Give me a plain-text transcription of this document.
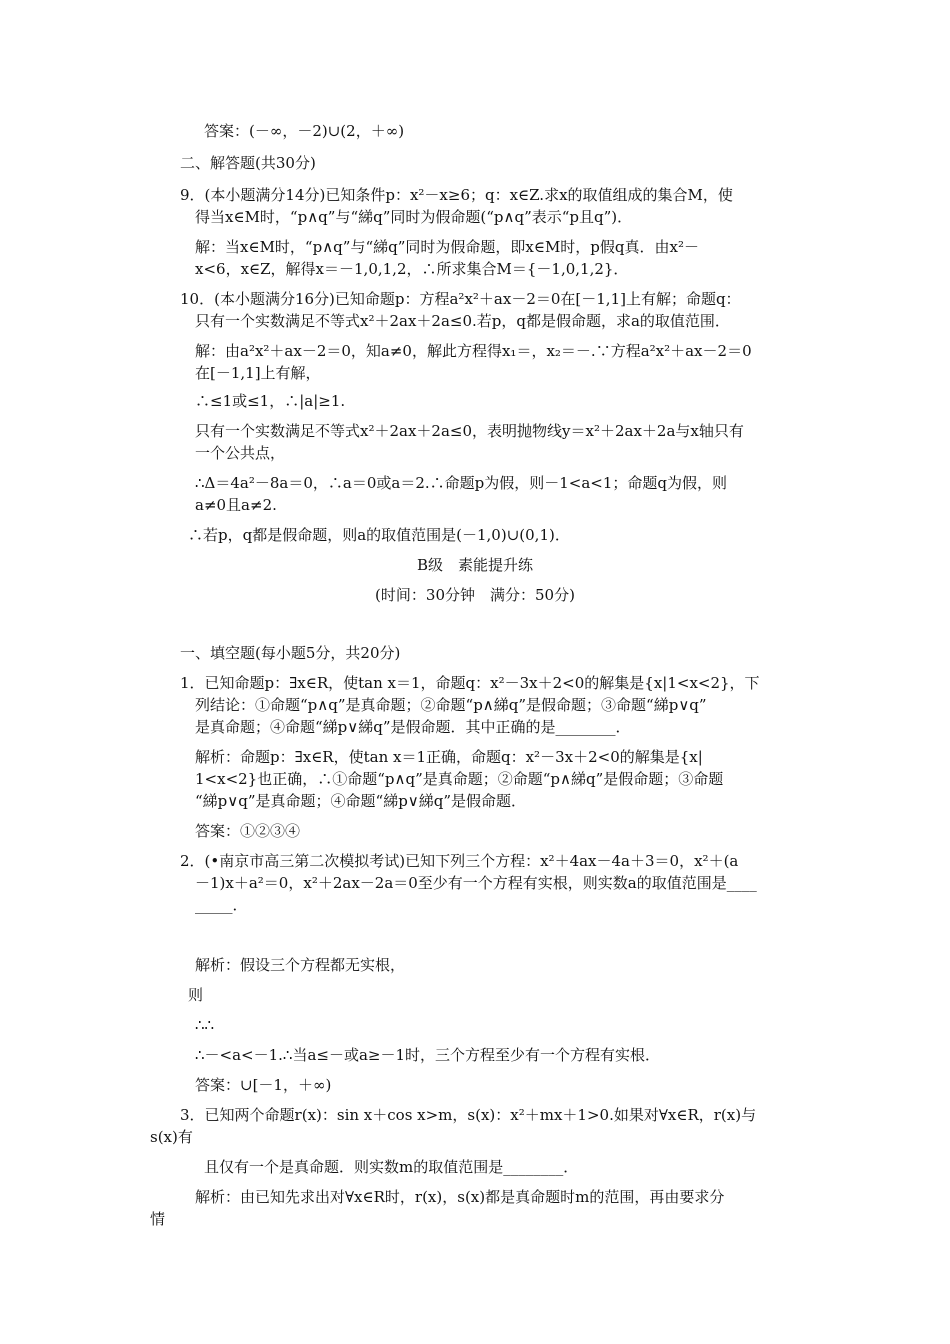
答案：(－∞，－2)∪(2，＋∞)
二、解答题(共30分)
9．(本小题满分14分)已知条件p：x²－x≥6；q：x∈Z.求x的取值组成的集合M，使
得当x∈M时，“p∧q”与“綈q”同时为假命题(“p∧q”表示“p且q”)．
解：当x∈M时，“p∧q”与“綈q”同时为假命题，即x∈M时，p假q真．由x²－
x<6，x∈Z，解得x＝－1,0,1,2，∴所求集合M＝{－1,0,1,2}．
10．(本小题满分16分)已知命题p：方程a²x²＋ax－2＝0在[－1,1]上有解；命题q：
只有一个实数满足不等式x²＋2ax＋2a≤0.若p，q都是假命题，求a的取值范围．
解：由a²x²＋ax－2＝0，知a≠0，解此方程得x₁＝，x₂＝－.∵方程a²x²＋ax－2＝0
在[－1,1]上有解，
∴≤1或≤1，∴|a|≥1.
只有一个实数满足不等式x²＋2ax＋2a≤0，表明抛物线y＝x²＋2ax＋2a与x轴只有
一个公共点，
∴Δ＝4a²－8a＝0，∴a＝0或a＝2.∴命题p为假，则－1<a<1；命题q为假，则
a≠0且a≠2.
∴若p，q都是假命题，则a的取值范围是(－1,0)∪(0,1)．
B级　素能提升练
(时间：30分钟　满分：50分)
一、填空题(每小题5分，共20分)
1．已知命题p：∃x∈R，使tan x＝1，命题q：x²－3x＋2<0的解集是{x|1<x<2}，下
列结论：①命题“p∧q”是真命题；②命题“p∧綈q”是假命题；③命题“綈p∨q”
是真命题；④命题“綈p∨綈q”是假命题．其中正确的是________．
解析：命题p：∃x∈R，使tan x＝1正确，命题q：x²－3x＋2<0的解集是{x|
1<x<2}也正确，∴①命题“p∧q”是真命题；②命题“p∧綈q”是假命题；③命题
“綈p∨q”是真命题；④命题“綈p∨綈q”是假命题．
答案：①②③④
2．(•南京市高三第二次模拟考试)已知下列三个方程：x²＋4ax－4a＋3＝0，x²＋(a
－1)x＋a²＝0，x²＋2ax－2a＝0至少有一个方程有实根，则实数a的取值范围是____
_____．
解析：假设三个方程都无实根，
则
∴∴
∴－<a<－1.∴当a≤－或a≥－1时，三个方程至少有一个方程有实根．
答案：∪[－1，＋∞)
3．已知两个命题r(x)：sin x＋cos x>m，s(x)：x²＋mx＋1>0.如果对∀x∈R，r(x)与
s(x)有
且仅有一个是真命题．则实数m的取值范围是________．
解析：由已知先求出对∀x∈R时，r(x)，s(x)都是真命题时m的范围，再由要求分
情
